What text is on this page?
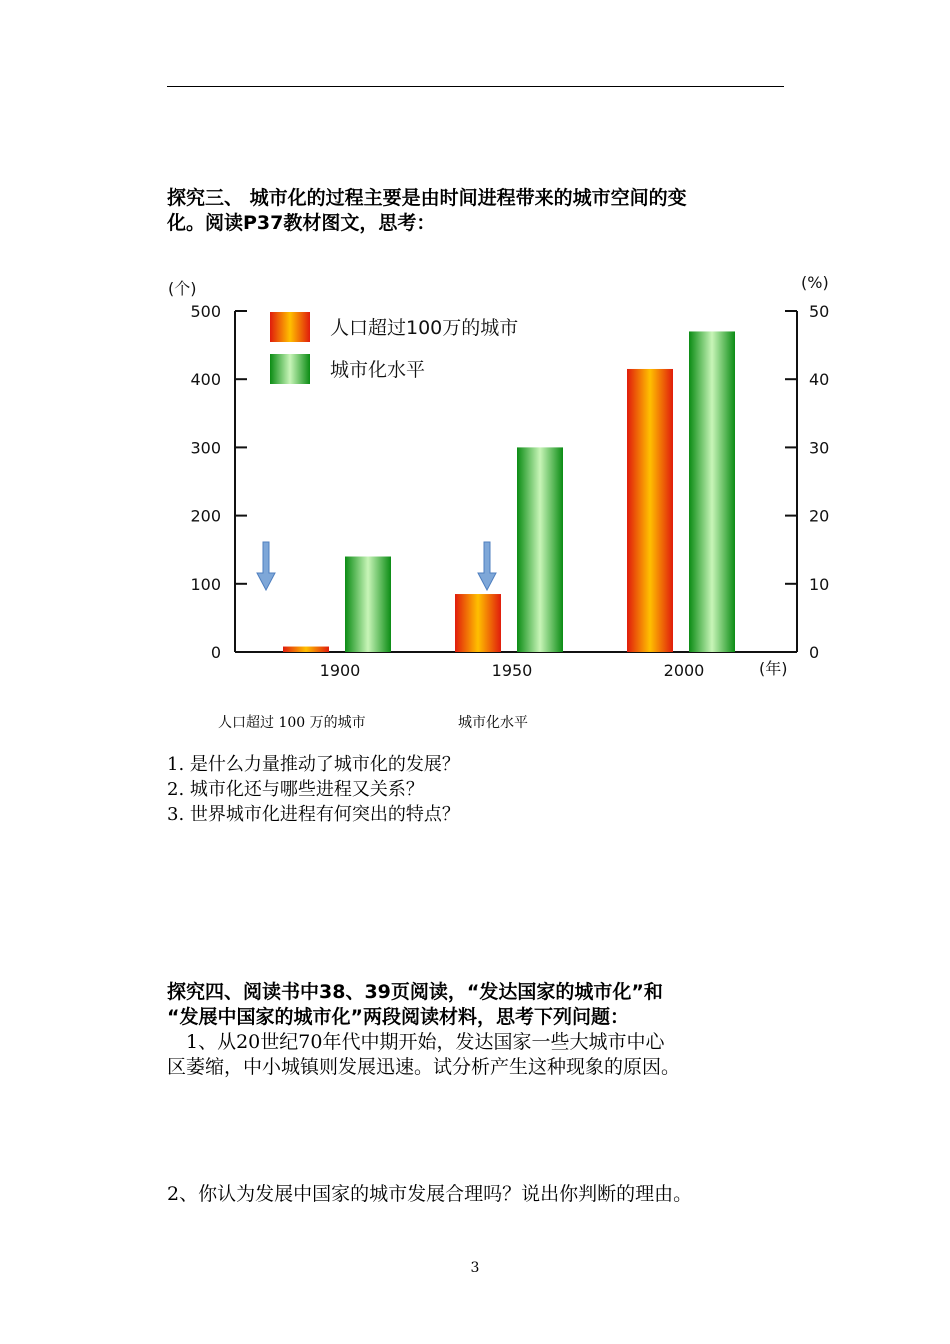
探究三、 城市化的过程主要是由时间进程带来的城市空间的变
化。阅读P37教材图文，思考：
0
100
200
300
400
500
0
10
20
30
40
50
(个)	(%)
(年)
1900	1950	2000
人口超过100万的城市
城市化水平
人口超过 100 万的城市	城市化水平
1. 是什么力量推动了城市化的发展？
2. 城市化还与哪些进程又关系？
3. 世界城市化进程有何突出的特点？
探究四、阅读书中38、39页阅读，“发达国家的城市化”和
“发展中国家的城市化”两段阅读材料，思考下列问题：
　1、从20世纪70年代中期开始，发达国家一些大城市中心
区萎缩，中小城镇则发展迅速。试分析产生这种现象的原因。
2、你认为发展中国家的城市发展合理吗？说出你判断的理由。
3
